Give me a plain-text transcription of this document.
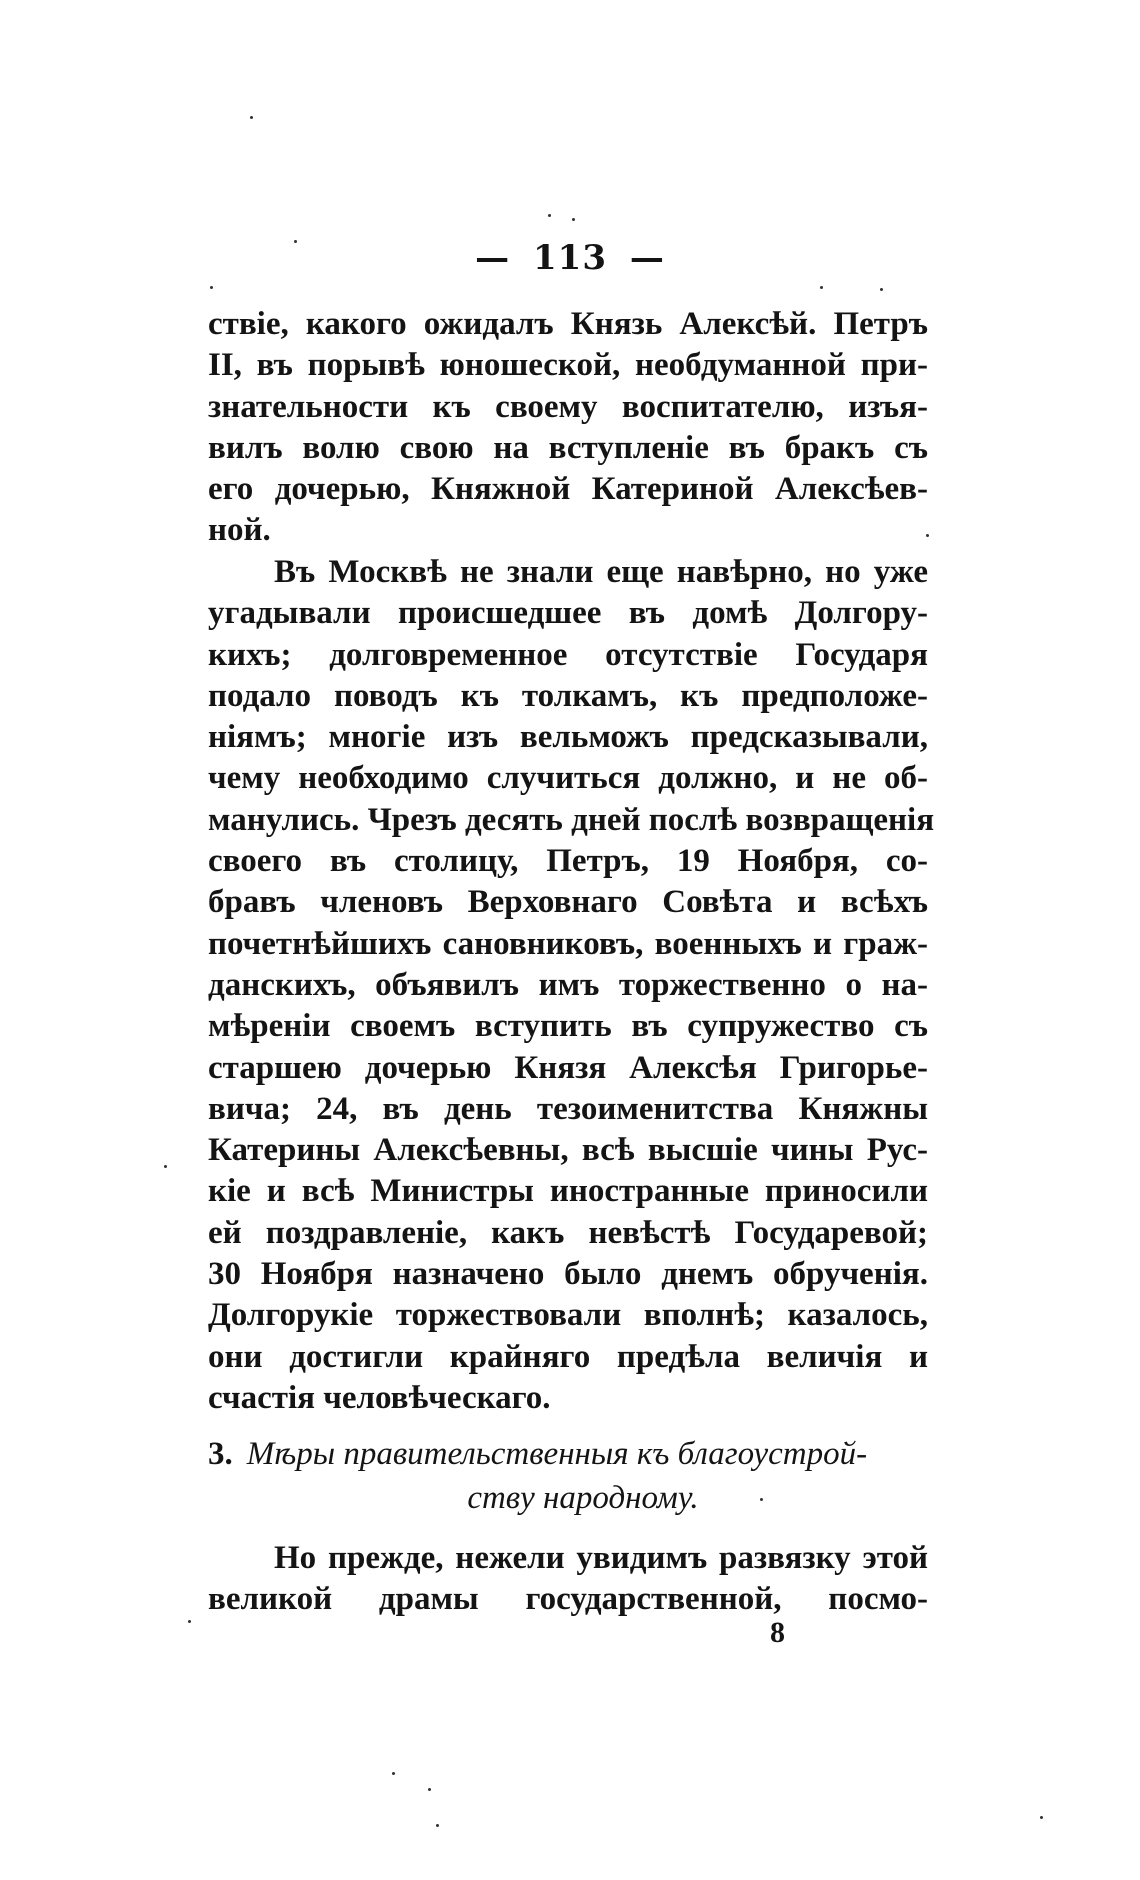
— 113 —
ствіе, какого ожидалъ Князь Алексѣй. Петръ
II, въ порывѣ юношеской, необдуманной при-
знательности къ своему воспитателю, изъя-
вилъ волю свою на вступленіе въ бракъ съ
его дочерью, Княжной Катериной Алексѣев-
ной.
Въ Москвѣ не знали еще навѣрно, но уже
угадывали происшедшее въ домѣ Долгору-
кихъ; долговременное отсутствіе Государя
подало поводъ къ толкамъ, къ предположе-
ніямъ; многіе изъ вельможъ предсказывали,
чему необходимо случиться должно, и не об-
манулись. Чрезъ десять дней послѣ возвращенія
своего въ столицу, Петръ, 19 Ноября, со-
бравъ членовъ Верховнаго Совѣта и всѣхъ
почетнѣйшихъ сановниковъ, военныхъ и граж-
данскихъ, объявилъ имъ торжественно о на-
мѣреніи своемъ вступить въ супружество съ
старшею дочерью Князя Алексѣя Григорье-
вича; 24, въ день тезоименитства Княжны
Катерины Алексѣевны, всѣ высшіе чины Рус-
кіе и всѣ Министры иностранные приносили
ей поздравленіе, какъ невѣстѣ Государевой;
30 Ноября назначено было днемъ обрученія.
Долгорукіе торжествовали вполнѣ; казалось,
они достигли крайняго предѣла величія и
счастія человѣческаго.
3. Мѣры правительственныя къ благоустрой-
ству народному.
Но прежде, нежели увидимъ развязку этой
великой драмы государственной, посмо-
8
